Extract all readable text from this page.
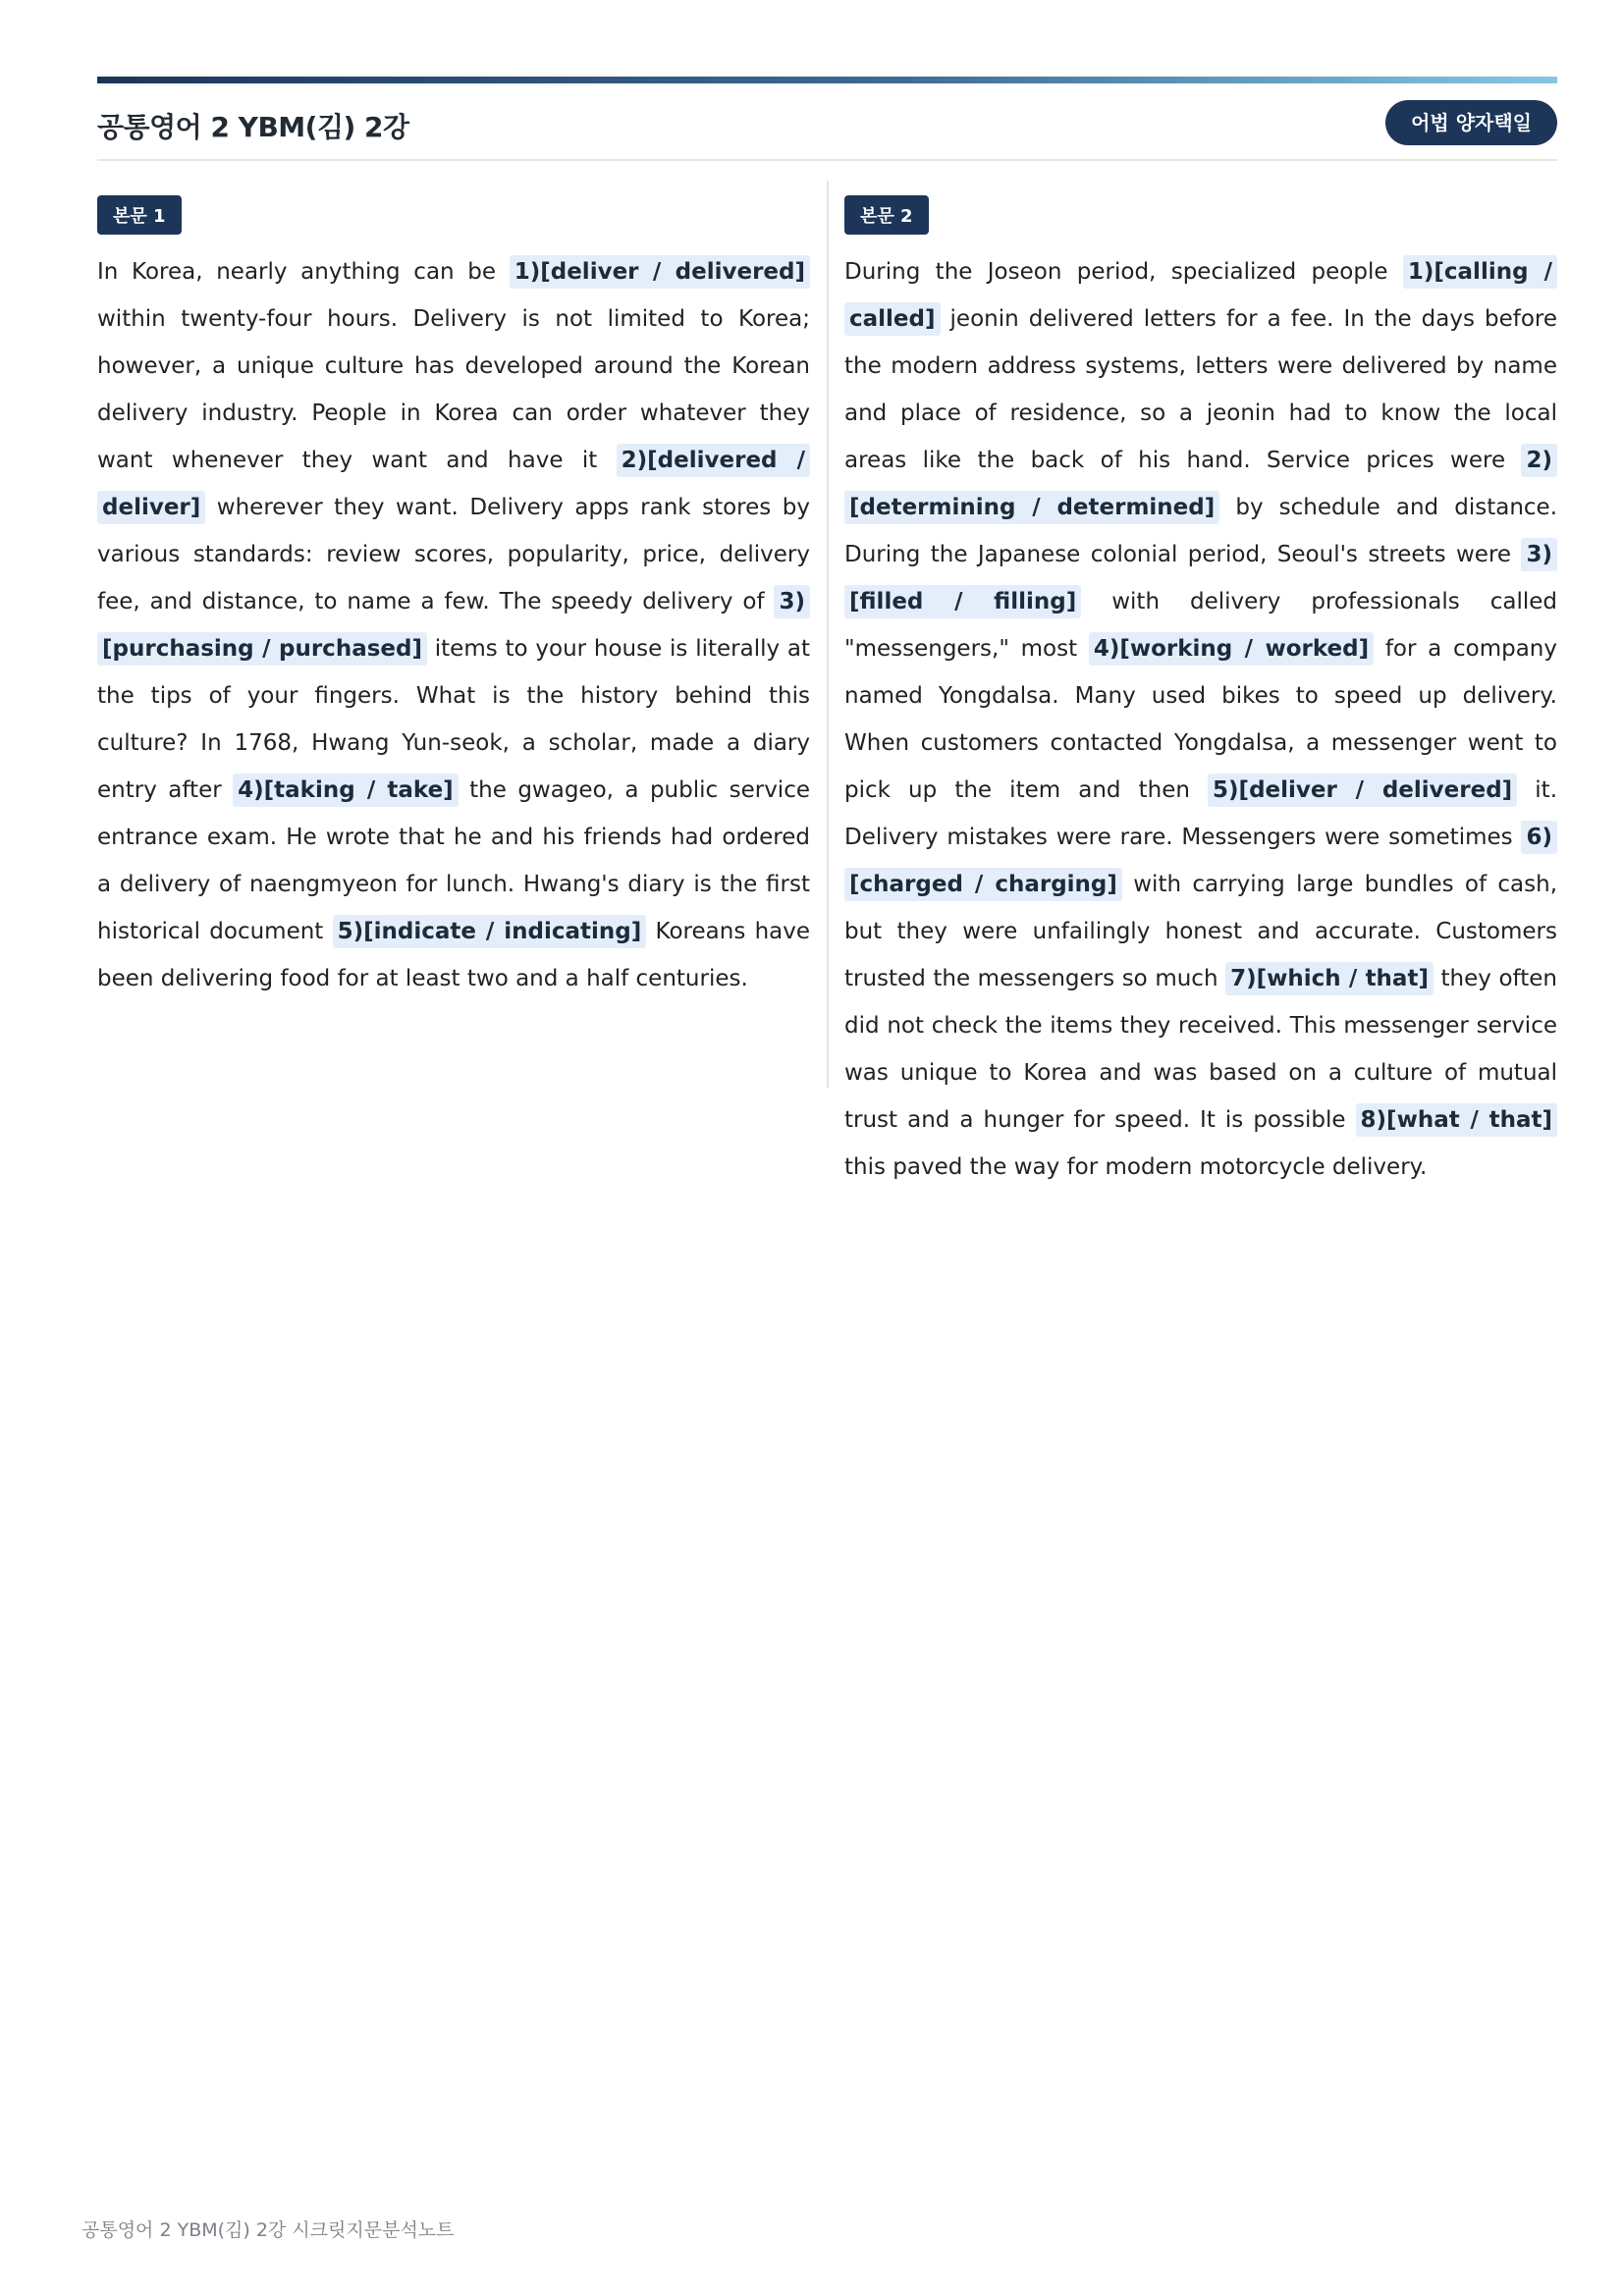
공통영어 2 YBM(김) 2강	어법 양자택일
본문 1

In Korea, nearly anything can be 1)[deliver / delivered] within twenty-four hours. Delivery is not limited to Korea; however, a unique culture has developed around the Korean delivery industry. People in Korea can order whatever they want whenever they want and have it 2)[delivered / deliver] wherever they want. Delivery apps rank stores by various standards: review scores, popularity, price, delivery fee, and distance, to name a few. The speedy delivery of 3)[purchasing / purchased] items to your house is literally at the tips of your fingers. What is the history behind this culture? In 1768, Hwang Yun-seok, a scholar, made a diary entry after 4)[taking / take] the gwageo, a public service entrance exam. He wrote that he and his friends had ordered a delivery of naengmyeon for lunch. Hwang's diary is the first historical document 5)[indicate / indicating] Koreans have been delivering food for at least two and a half centuries.

본문 2

During the Joseon period, specialized people 1)[calling / called] jeonin delivered letters for a fee. In the days before the modern address systems, letters were delivered by name and place of residence, so a jeonin had to know the local areas like the back of his hand. Service prices were 2)[determining / determined] by schedule and distance. During the Japanese colonial period, Seoul's streets were 3)[filled / filling] with delivery professionals called "messengers," most 4)[working / worked] for a company named Yongdalsa. Many used bikes to speed up delivery. When customers contacted Yongdalsa, a messenger went to pick up the item and then 5)[deliver / delivered] it. Delivery mistakes were rare. Messengers were sometimes 6)[charged / charging] with carrying large bundles of cash, but they were unfailingly honest and accurate. Customers trusted the messengers so much 7)[which / that] they often did not check the items they received. This messenger service was unique to Korea and was based on a culture of mutual trust and a hunger for speed. It is possible 8)[what / that] this paved the way for modern motorcycle delivery.

공통영어 2 YBM(김) 2강 시크릿지문분석노트
